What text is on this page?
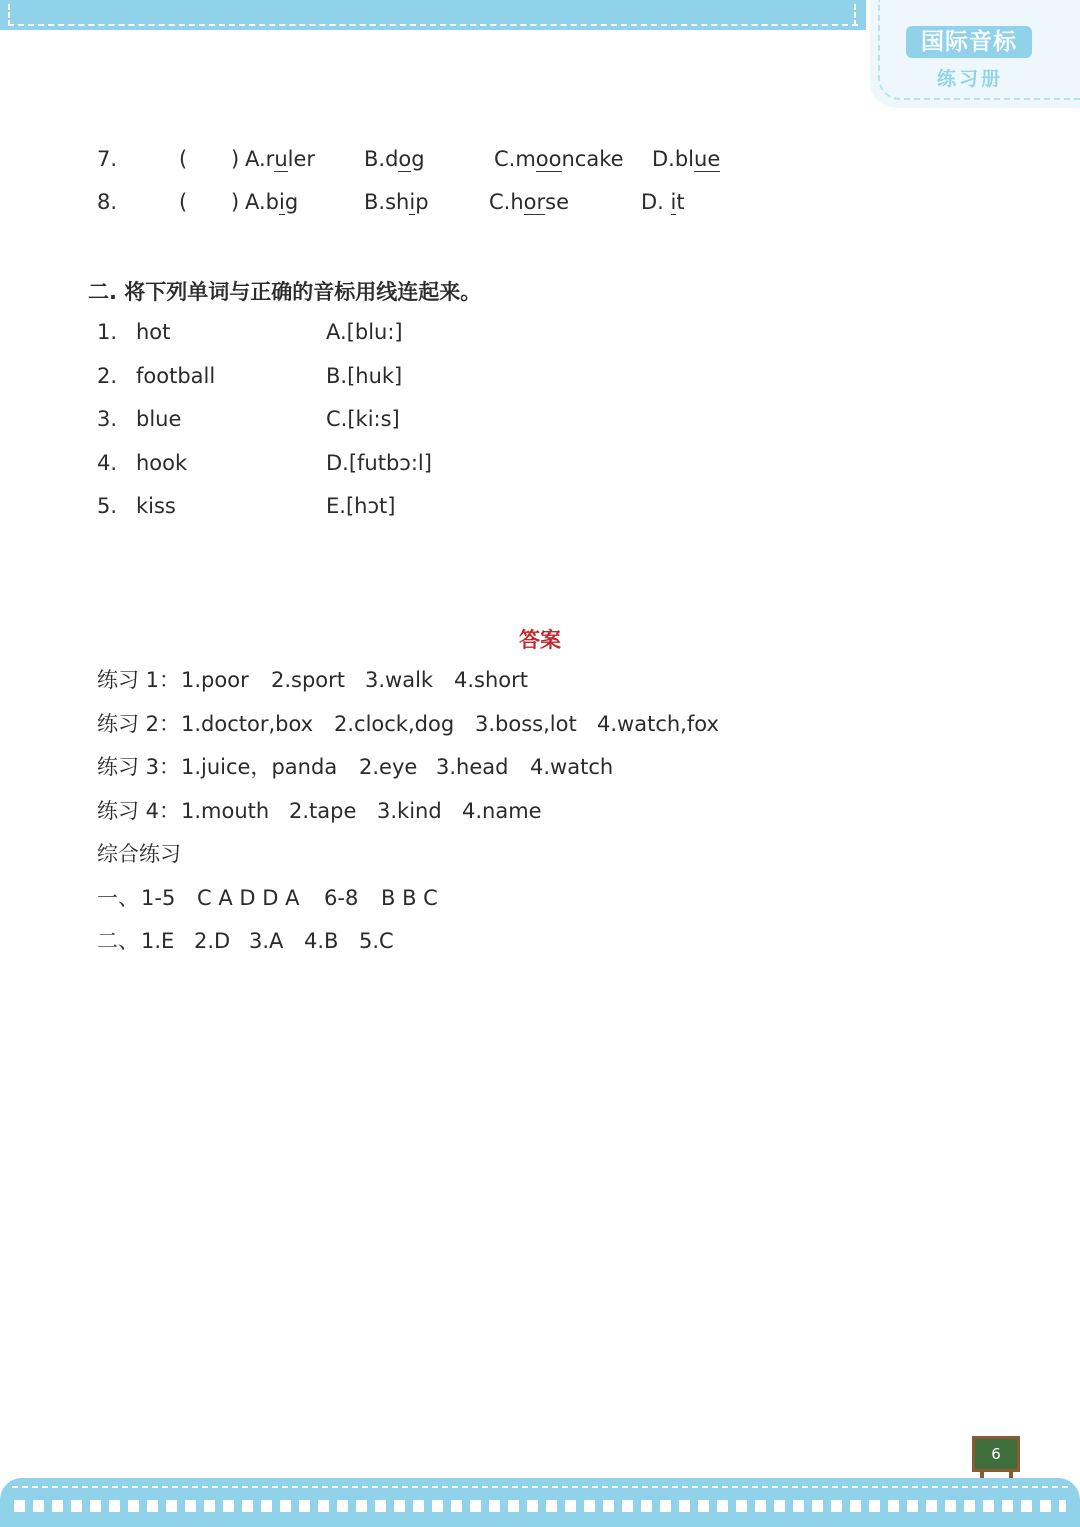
国际音标
练习册
7.	( ) A.ruler B.dog	C.mooncake D.blue
8.	( ) A.big	B.ship	C.horse	D. it
二. 将下列单词与正确的音标用线连起来。
1. hot	A.[blu:]
2. football	B.[huk]
3. blue	C.[ki:s]
4. hook	D.[futbɔ:l]
5. kiss	E.[hɔt]
答案
练习 1： 1.poor 2.sport 3.walk 4.short
练习 2： 1.doctor,box 2.clock,dog 3.boss,lot 4.watch,fox
练习 3： 1.juice，panda 2.eye 3.head 4.watch
练习 4： 1.mouth 2.tape 3.kind 4.name
综合练习
一、 1-5 C A D D A 6-8 B B C
二、 1.E 2.D 3.A 4.B 5.C
6
